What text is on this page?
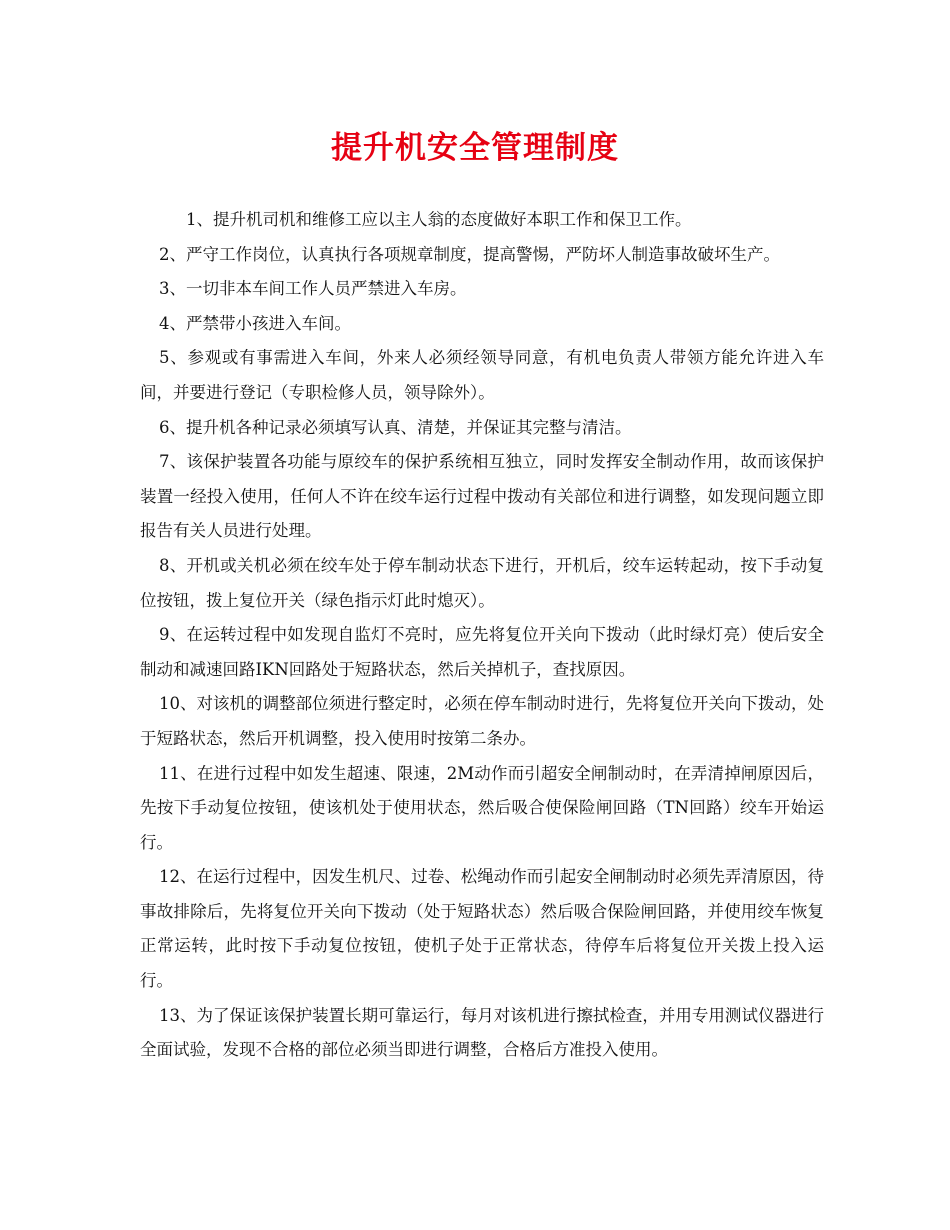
提升机安全管理制度

1、提升机司机和维修工应以主人翁的态度做好本职工作和保卫工作。

2、严守工作岗位，认真执行各项规章制度，提高警惕，严防坏人制造事故破坏生产。

3、一切非本车间工作人员严禁进入车房。

4、严禁带小孩进入车间。

5、参观或有事需进入车间，外来人必须经领导同意，有机电负责人带领方能允许进入车间，并要进行登记（专职检修人员，领导除外）。

6、提升机各种记录必须填写认真、清楚，并保证其完整与清洁。

7、该保护装置各功能与原绞车的保护系统相互独立，同时发挥安全制动作用，故而该保护装置一经投入使用，任何人不许在绞车运行过程中拨动有关部位和进行调整，如发现问题立即报告有关人员进行处理。

8、开机或关机必须在绞车处于停车制动状态下进行，开机后，绞车运转起动，按下手动复位按钮，拨上复位开关（绿色指示灯此时熄灭）。

9、在运转过程中如发现自监灯不亮时，应先将复位开关向下拨动（此时绿灯亮）使后安全制动和减速回路IKN回路处于短路状态，然后关掉机子，查找原因。

10、对该机的调整部位须进行整定时，必须在停车制动时进行，先将复位开关向下拨动，处于短路状态，然后开机调整，投入使用时按第二条办。

11、在进行过程中如发生超速、限速，2M动作而引超安全闸制动时，在弄清掉闸原因后，先按下手动复位按钮，使该机处于使用状态，然后吸合使保险闸回路（TN回路）绞车开始运行。

12、在运行过程中，因发生机尺、过卷、松绳动作而引起安全闸制动时必须先弄清原因，待事故排除后，先将复位开关向下拨动（处于短路状态）然后吸合保险闸回路，并使用绞车恢复正常运转，此时按下手动复位按钮，使机子处于正常状态，待停车后将复位开关拨上投入运行。

13、为了保证该保护装置长期可靠运行，每月对该机进行擦拭检查，并用专用测试仪器进行全面试验，发现不合格的部位必须当即进行调整，合格后方准投入使用。
